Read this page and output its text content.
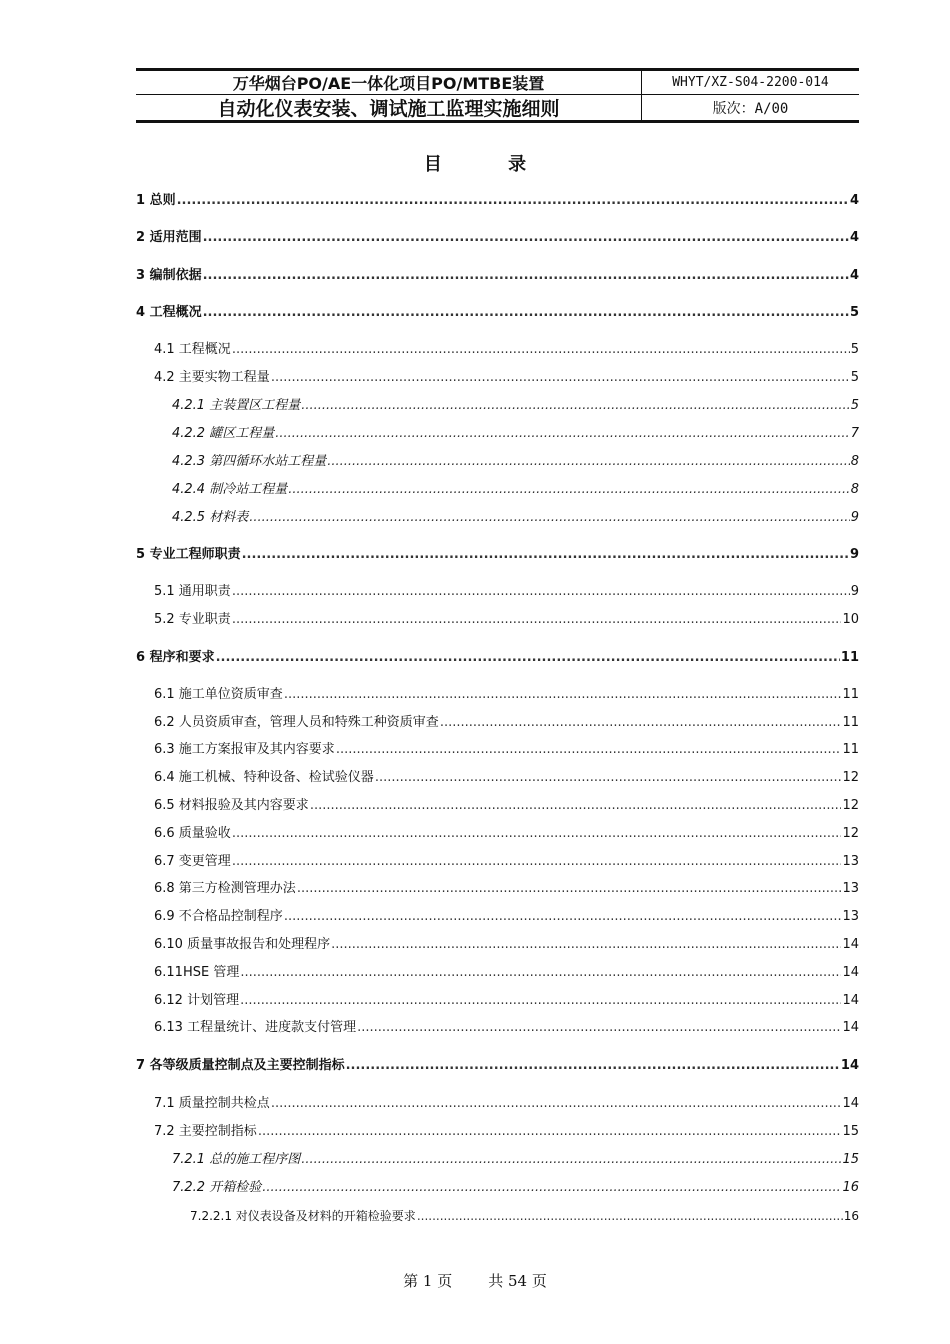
万华烟台PO/AE一体化项目PO/MTBE装置	WHYT/XZ-S04-2200-014
自动化仪表安装、调试施工监理实施细则	版次：A/00
目 录
1 总则 .....	4
2 适用范围 .....	4
3 编制依据 .....	4
4 工程概况 .....	5
4.1 工程概况 .....	5
4.2 主要实物工程量 .....	5
4.2.1 主装置区工程量 .....	5
4.2.2 罐区工程量 .....	7
4.2.3 第四循环水站工程量 .....	8
4.2.4 制冷站工程量 .....	8
4.2.5 材料表 .....	9
5 专业工程师职责 .....	9
5.1 通用职责 .....	9
5.2 专业职责 .....	10
6 程序和要求 .....	11
6.1 施工单位资质审查 .....	11
6.2 人员资质审查，管理人员和特殊工种资质审查 .....	11
6.3 施工方案报审及其内容要求 .....	11
6.4 施工机械、特种设备、检试验仪器 .....	12
6.5 材料报验及其内容要求 .....	12
6.6 质量验收 .....	12
6.7 变更管理 .....	13
6.8 第三方检测管理办法 .....	13
6.9 不合格品控制程序 .....	13
6.10 质量事故报告和处理程序 .....	14
6.11HSE 管理 .....	14
6.12 计划管理 .....	14
6.13 工程量统计、进度款支付管理 .....	14
7 各等级质量控制点及主要控制指标 .....	14
7.1 质量控制共检点 .....	14
7.2 主要控制指标 .....	15
7.2.1 总的施工程序图 .....	15
7.2.2 开箱检验 .....	16
7.2.2.1 对仪表设备及材料的开箱检验要求 .....	16
第 1 页 共 54 页
